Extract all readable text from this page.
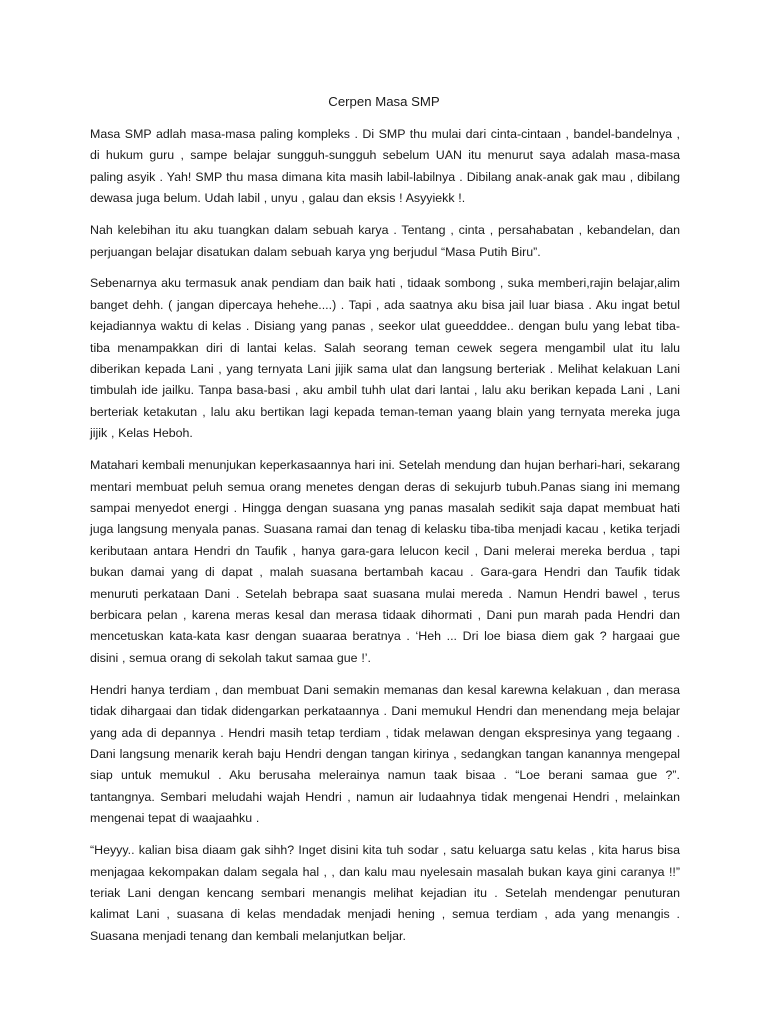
Cerpen Masa SMP

Masa SMP adlah masa-masa paling kompleks . Di SMP thu mulai dari cinta-cintaan , bandel-bandelnya , di hukum guru , sampe belajar sungguh-sungguh sebelum UAN itu menurut saya adalah masa-masa paling asyik . Yah! SMP thu masa dimana kita masih labil-labilnya . Dibilang anak-anak gak mau , dibilang dewasa juga belum. Udah labil , unyu , galau dan eksis ! Asyyiekk !.

Nah kelebihan itu aku tuangkan dalam sebuah karya . Tentang , cinta , persahabatan , kebandelan, dan perjuangan belajar disatukan dalam sebuah karya yng berjudul “Masa Putih Biru”.

Sebenarnya aku termasuk anak pendiam dan baik hati , tidaak sombong , suka memberi,rajin belajar,alim banget dehh. ( jangan dipercaya hehehe....) . Tapi , ada saatnya aku bisa jail luar biasa . Aku ingat betul kejadiannya waktu di kelas . Disiang yang panas , seekor ulat gueedddee.. dengan bulu yang lebat tiba-tiba menampakkan diri di lantai kelas. Salah seorang teman cewek segera mengambil ulat itu lalu diberikan kepada Lani , yang ternyata Lani jijik sama ulat dan langsung berteriak . Melihat kelakuan Lani timbulah ide jailku. Tanpa basa-basi , aku ambil tuhh ulat dari lantai , lalu aku berikan kepada Lani , Lani berteriak ketakutan , lalu aku bertikan lagi kepada teman-teman yaang blain yang ternyata mereka juga jijik , Kelas Heboh.

Matahari kembali menunjukan keperkasaannya hari ini. Setelah mendung dan hujan berhari-hari, sekarang mentari membuat peluh semua orang menetes dengan deras di sekujurb tubuh.Panas siang ini memang sampai menyedot energi . Hingga dengan suasana yng panas masalah sedikit saja dapat membuat hati juga langsung menyala panas. Suasana ramai dan tenag di kelasku tiba-tiba menjadi kacau , ketika terjadi keributaan antara Hendri dn Taufik , hanya gara-gara lelucon kecil , Dani melerai mereka berdua , tapi bukan damai yang di dapat , malah suasana bertambah kacau . Gara-gara Hendri dan Taufik tidak menuruti perkataan Dani . Setelah bebrapa saat suasana mulai mereda . Namun Hendri bawel , terus berbicara pelan , karena meras kesal dan merasa tidaak dihormati , Dani pun marah pada Hendri dan mencetuskan kata-kata kasr dengan suaaraa beratnya . ‘Heh ... Dri loe biasa diem gak ? hargaai gue disini , semua orang di sekolah takut samaa gue !’.

Hendri hanya terdiam , dan membuat Dani semakin memanas dan kesal karewna kelakuan , dan merasa tidak dihargaai dan tidak didengarkan perkataannya . Dani memukul Hendri dan menendang meja belajar yang ada di depannya . Hendri masih tetap terdiam , tidak melawan dengan ekspresinya yang tegaang . Dani langsung menarik kerah baju Hendri dengan tangan kirinya , sedangkan tangan kanannya mengepal siap untuk memukul . Aku berusaha melerainya namun taak bisaa . “Loe berani samaa gue ?”. tantangnya. Sembari meludahi wajah Hendri , namun air ludaahnya tidak mengenai Hendri , melainkan mengenai tepat di waajaahku .

“Heyyy.. kalian bisa diaam gak sihh? Inget disini kita tuh sodar , satu keluarga satu kelas , kita harus bisa menjagaa kekompakan dalam segala hal , , dan kalu mau nyelesain masalah bukan kaya gini caranya !!” teriak Lani dengan kencang sembari menangis melihat kejadian itu . Setelah mendengar penuturan kalimat Lani , suasana di kelas mendadak menjadi hening , semua terdiam , ada yang menangis . Suasana menjadi tenang dan kembali melanjutkan beljar.
